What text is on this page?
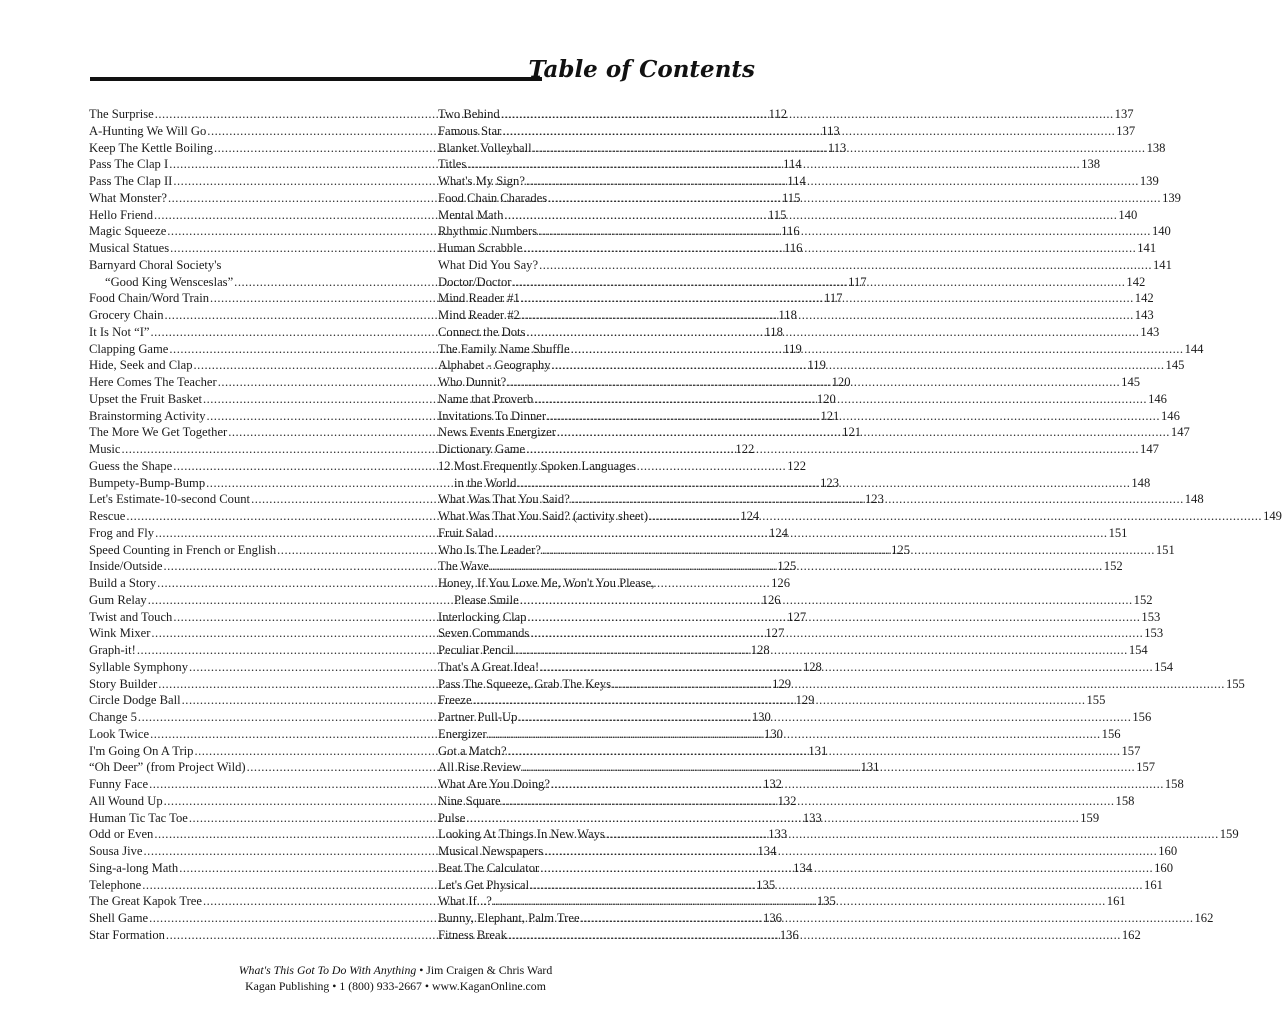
Table of Contents
The Surprise .....	112
A-Hunting We Will Go .....	113
Keep The Kettle Boiling .....	113
Pass The Clap I .....	114
Pass The Clap II .....	114
What Monster? .....	115
Hello Friend .....	115
Magic Squeeze .....	116
Musical Statues .....	116
Barnyard Choral Society's
“Good King Wensceslas” .....	117
Food Chain/Word Train .....	117
Grocery Chain .....	118
It Is Not “I” .....	118
Clapping Game .....	119
Hide, Seek and Clap .....	119
Here Comes The Teacher .....	120
Upset the Fruit Basket .....	120
Brainstorming Activity .....	121
The More We Get Together .....	121
Music .....	122
Guess the Shape .....	122
Bumpety-Bump-Bump .....	123
Let's Estimate-10-second Count .....	123
Rescue .....	124
Frog and Fly .....	124
Speed Counting in French or English .....	125
Inside/Outside .....	125
Build a Story .....	126
Gum Relay .....	126
Twist and Touch .....	127
Wink Mixer .....	127
Graph-it! .....	128
Syllable Symphony .....	128
Story Builder .....	129
Circle Dodge Ball .....	129
Change 5 .....	130
Look Twice .....	130
I'm Going On A Trip .....	131
“Oh Deer” (from Project Wild) .....	131
Funny Face .....	132
All Wound Up .....	132
Human Tic Tac Toe .....	133
Odd or Even .....	133
Sousa Jive .....	134
Sing-a-long Math .....	134
Telephone .....	135
The Great Kapok Tree .....	135
Shell Game .....	136
Star Formation .....	136
Two Behind .....	137
Famous Star .....	137
Blanket Volleyball .....	138
Titles .....	138
What's My Sign? .....	139
Food Chain Charades .....	139
Mental Math .....	140
Rhythmic Numbers .....	140
Human Scrabble .....	141
What Did You Say? .....	141
Doctor/Doctor .....	142
Mind Reader #1 .....	142
Mind Reader #2 .....	143
Connect the Dots .....	143
The Family Name Shuffle .....	144
Alphabet - Geography .....	145
Who Dunnit? .....	145
Name that Proverb .....	146
Invitations To Dinner .....	146
News Events Energizer .....	147
Dictionary Game .....	147
12 Most Frequently Spoken Languages
in the World .....	148
What Was That You Said? .....	148
What Was That You Said? (activity sheet) .....	149
Fruit Salad .....	151
Who Is The Leader? .....	151
The Wave .....	152
Honey, If You Love Me, Won't You Please,
Please Smile .....	152
Interlocking Clap .....	153
Seven Commands .....	153
Peculiar Pencil .....	154
That's A Great Idea! .....	154
Pass The Squeeze, Grab The Keys .....	155
Freeze .....	155
Partner Pull-Up .....	156
Energizer .....	156
Got a Match? .....	157
All Rise Review .....	157
What Are You Doing? .....	158
Nine Square .....	158
Pulse .....	159
Looking At Things In New Ways .....	159
Musical Newspapers .....	160
Beat The Calculator .....	160
Let's Get Physical .....	161
What If...? .....	161
Bunny, Elephant, Palm Tree .....	162
Fitness Break .....	162
What's This Got To Do With Anything • Jim Craigen & Chris Ward
Kagan Publishing • 1 (800) 933-2667 • www.KaganOnline.com
